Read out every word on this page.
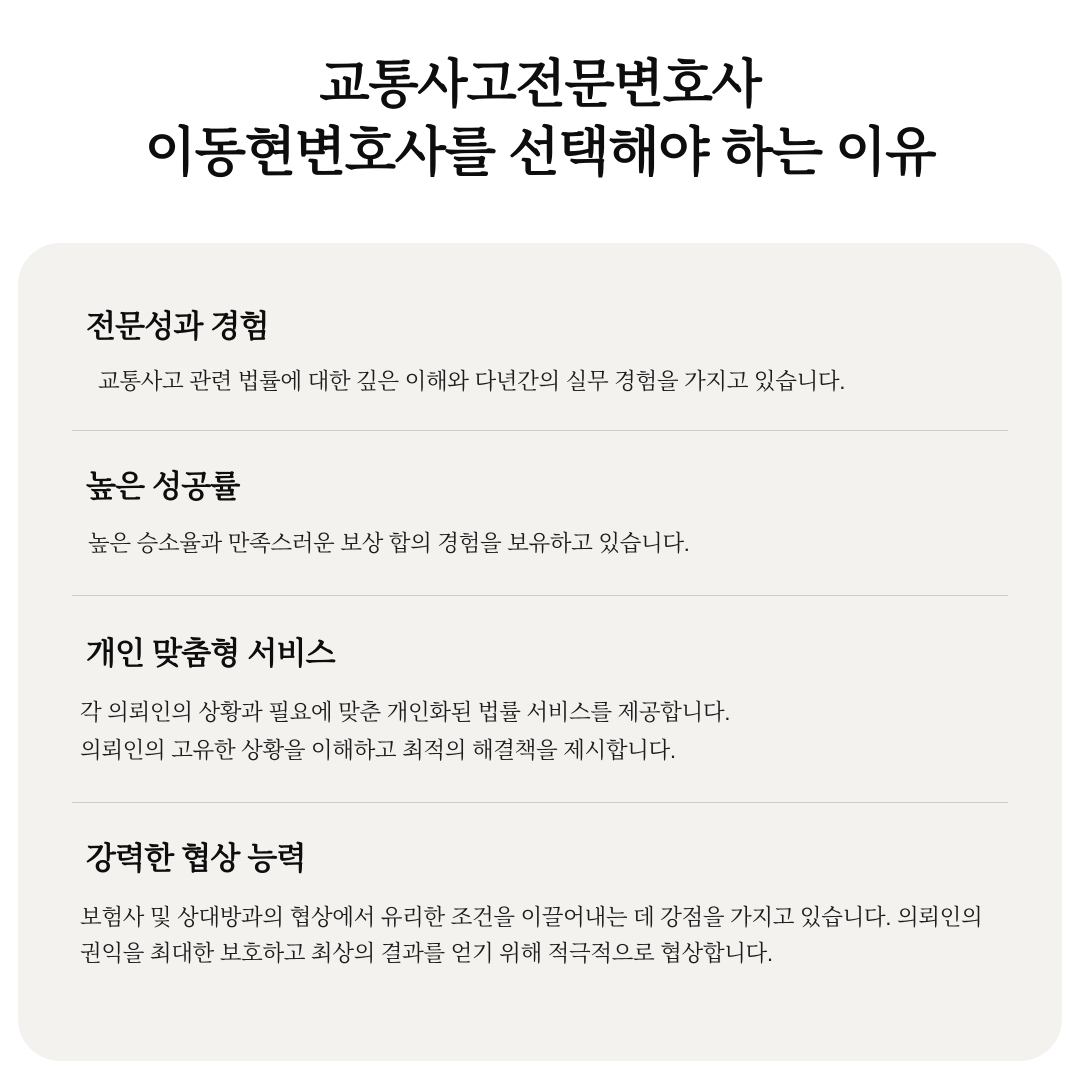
교통사고전문변호사
이동현변호사를 선택해야 하는 이유
전문성과 경험
교통사고 관련 법률에 대한 깊은 이해와 다년간의 실무 경험을 가지고 있습니다.
높은 성공률
높은 승소율과 만족스러운 보상 합의 경험을 보유하고 있습니다.
개인 맞춤형 서비스
각 의뢰인의 상황과 필요에 맞춘 개인화된 법률 서비스를 제공합니다.
의뢰인의 고유한 상황을 이해하고 최적의 해결책을 제시합니다.
강력한 협상 능력
보험사 및 상대방과의 협상에서 유리한 조건을 이끌어내는 데 강점을 가지고 있습니다. 의뢰인의 권익을 최대한 보호하고 최상의 결과를 얻기 위해 적극적으로 협상합니다.
